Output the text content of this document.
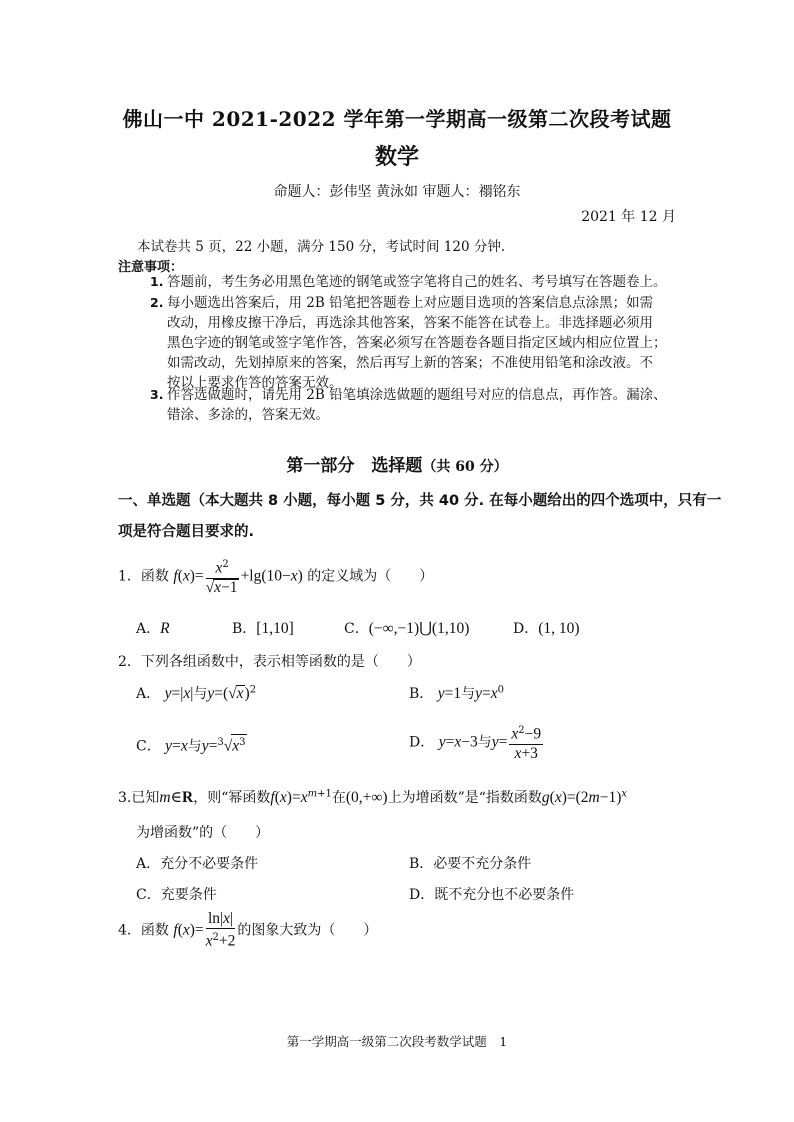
佛山一中 2021-2022 学年第一学期高一级第二次段考试题
数学
命题人：彭伟坚 黄泳如 审题人：禤铭东
2021 年 12 月
本试卷共 5 页，22 小题，满分 150 分，考试时间 120 分钟.
注意事项：
1. 答题前，考生务必用黑色笔迹的钢笔或签字笔将自己的姓名、考号填写在答题卷上。
2. 每小题选出答案后，用 2B 铅笔把答题卷上对应题目选项的答案信息点涂黑；如需
改动，用橡皮擦干净后，再选涂其他答案，答案不能答在试卷上。非选择题必须用
黑色字迹的钢笔或签字笔作答，答案必须写在答题卷各题目指定区域内相应位置上；
如需改动，先划掉原来的答案，然后再写上新的答案；不准使用铅笔和涂改液。不
按以上要求作答的答案无效。
3. 作答选做题时，请先用 2B 铅笔填涂选做题的题组号对应的信息点，再作答。漏涂、
错涂、多涂的，答案无效。
第一部分　选择题（共 60 分）
一、单选题（本大题共 8 小题，每小题 5 分，共 40 分. 在每小题给出的四个选项中，只有一
项是符合题目要求的.
1．函数 $f(x)= \frac{x^2}{√x-1} +\lg(10-x)$ 的定义域为（　　）
A．R	B．[1,10]	C．(−∞,−1)⋃(1,10)	D．(1, 10)
2．下列各组函数中，表示相等函数的是（　　）
A． y=|x|与$y=(√x)^2$	B． y=1与$y=x^0$
C． y=x与$y=^3√x^3$	D． y=x−3与$y= \frac{x^2-9}{x+3}$
3.已知m∈R，则“幂函数$f(x)=x^{m+1}$在(0,+∞)上为增函数”是“指数函数$g(x)=(2m-1)^x$
为增函数”的（　　）
A．充分不必要条件	B．必要不充分条件
C．充要条件	D．既不充分也不必要条件
4．函数 $f(x)= \frac{\ln|x|}{x^2+2}$ 的图象大致为（　　）
第一学期高一级第二次段考数学试题  1
